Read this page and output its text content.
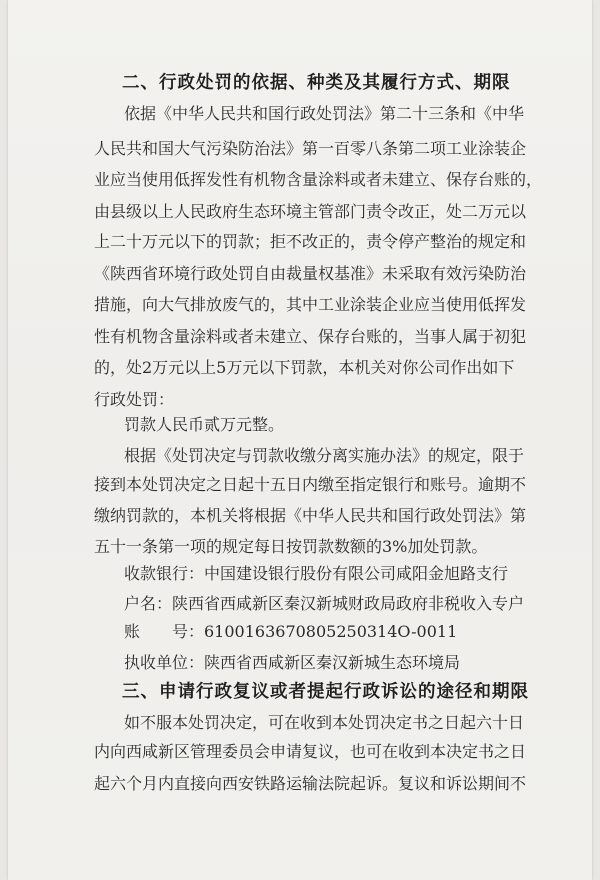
二、行政处罚的依据、种类及其履行方式、期限
依据《中华人民共和国行政处罚法》第二十三条和《中华
人民共和国大气污染防治法》第一百零八条第二项工业涂装企
业应当使用低挥发性有机物含量涂料或者未建立、保存台账的，
由县级以上人民政府生态环境主管部门责令改正，处二万元以
上二十万元以下的罚款；拒不改正的，责令停产整治的规定和
《陕西省环境行政处罚自由裁量权基准》未采取有效污染防治
措施，向大气排放废气的，其中工业涂装企业应当使用低挥发
性有机物含量涂料或者未建立、保存台账的，当事人属于初犯
的，处2万元以上5万元以下罚款，本机关对你公司作出如下
行政处罚：
罚款人民币贰万元整。
根据《处罚决定与罚款收缴分离实施办法》的规定，限于
接到本处罚决定之日起十五日内缴至指定银行和账号。逾期不
缴纳罚款的，本机关将根据《中华人民共和国行政处罚法》第
五十一条第一项的规定每日按罚款数额的3%加处罚款。
收款银行：中国建设银行股份有限公司咸阳金旭路支行
户名：陕西省西咸新区秦汉新城财政局政府非税收入专户
账　　号：6100163670805250314O-0011
执收单位：陕西省西咸新区秦汉新城生态环境局
三、申请行政复议或者提起行政诉讼的途径和期限
如不服本处罚决定，可在收到本处罚决定书之日起六十日
内向西咸新区管理委员会申请复议，也可在收到本决定书之日
起六个月内直接向西安铁路运输法院起诉。复议和诉讼期间不
